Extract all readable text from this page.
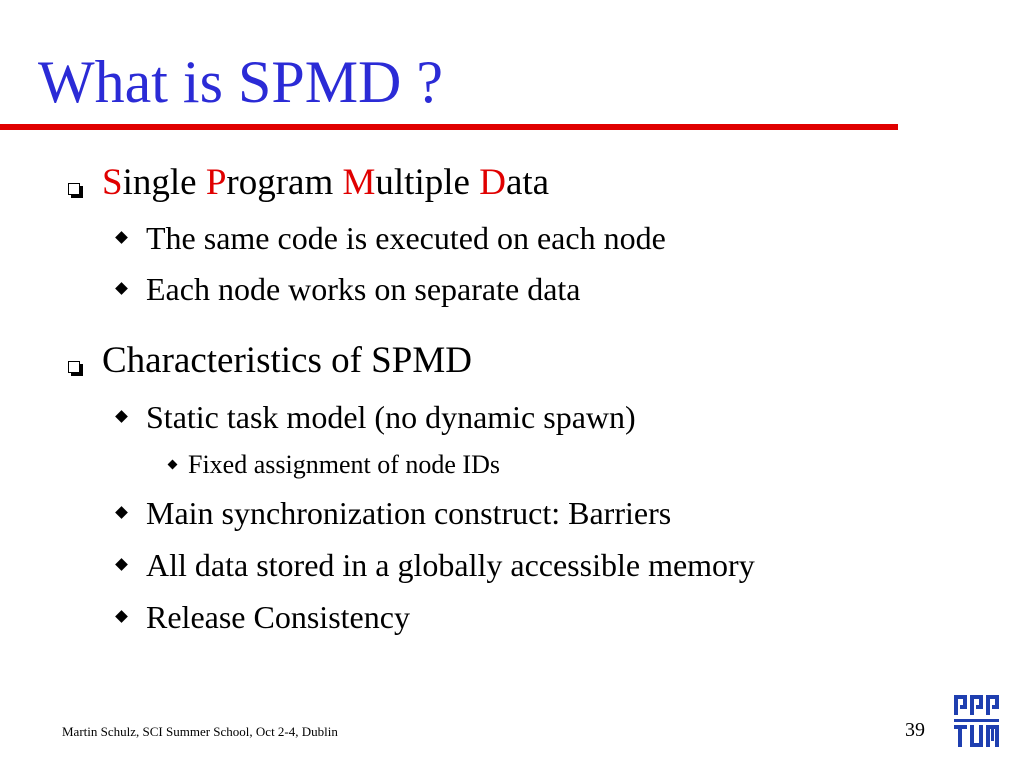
What is SPMD ?
Single Program Multiple Data
The same code is executed on each node
Each node works on separate data
Characteristics of SPMD
Static task model (no dynamic spawn)
Fixed assignment of node IDs
Main synchronization construct: Barriers
All data stored in a globally accessible memory
Release Consistency
Martin Schulz, SCI Summer School, Oct 2-4, Dublin	39
